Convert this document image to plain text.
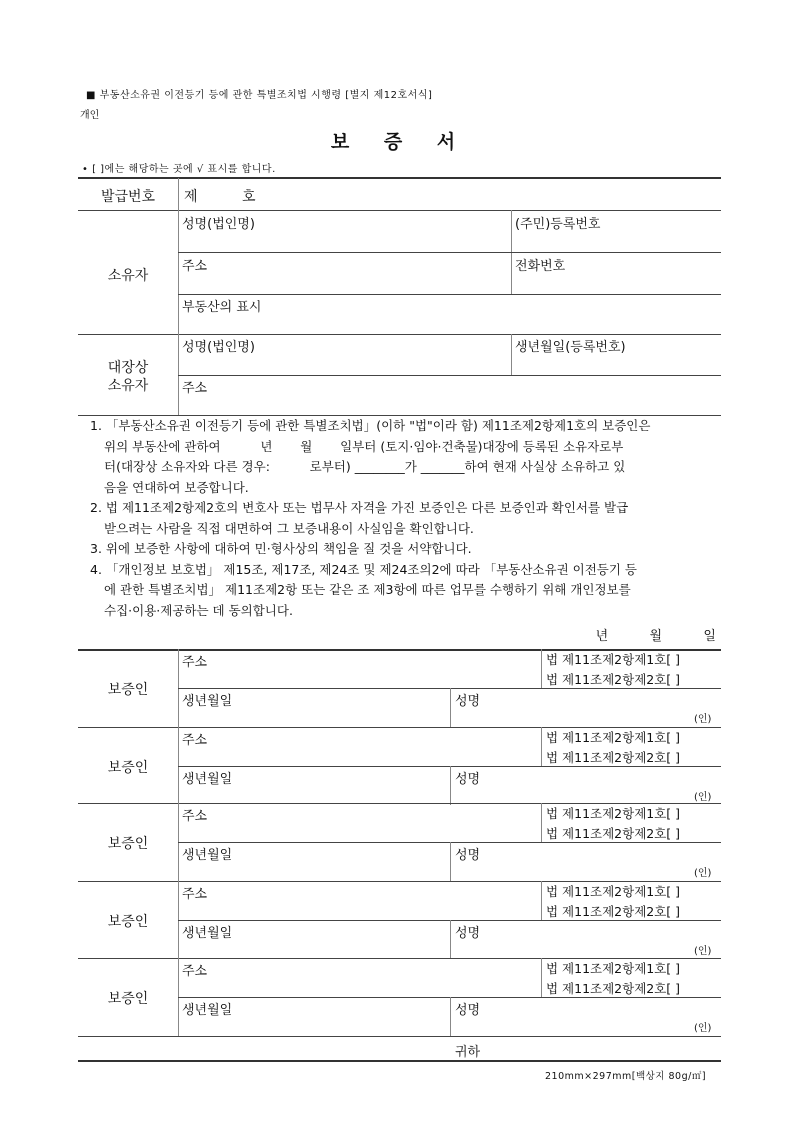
■ 부동산소유권 이전등기 등에 관한 특별조치법 시행령 [별지 제12호서식]
개인
보 증 서
• [ ]에는 해당하는 곳에 √ 표시를 합니다.
발급번호	제          호
소유자
성명(법인명)	(주민)등록번호
주소	전화번호
부동산의 표시
대장상
소유자
성명(법인명)	생년월일(등록번호)
주소
1. 「부동산소유권 이전등기 등에 관한 특별조치법」(이하 "법"이라 함) 제11조제2항제1호의 보증인은
위의 부동산에 관하여          년       월       일부터 (토지·임야·건축물)대장에 등록된 소유자로부
터(대장상 소유자와 다른 경우:          로부터) ________가 _______하여 현재 사실상 소유하고 있
음을 연대하여 보증합니다.
2. 법 제11조제2항제2호의 변호사 또는 법무사 자격을 가진 보증인은 다른 보증인과 확인서를 발급
받으려는 사람을 직접 대면하여 그 보증내용이 사실임을 확인합니다.
3. 위에 보증한 사항에 대하여 민·형사상의 책임을 질 것을 서약합니다.
4. 「개인정보 보호법」 제15조, 제17조, 제24조 및 제24조의2에 따라 「부동산소유권 이전등기 등
에 관한 특별조치법」 제11조제2항 또는 같은 조 제3항에 따른 업무를 수행하기 위해 개인정보를
수집·이용·제공하는 데 동의합니다.
년          월          일
보증인
주소	법 제11조제2항제1호[ ]
법 제11조제2항제2호[ ]
생년월일	성명
(인)
보증인
주소	법 제11조제2항제1호[ ]
법 제11조제2항제2호[ ]
생년월일	성명
(인)
보증인
주소	법 제11조제2항제1호[ ]
법 제11조제2항제2호[ ]
생년월일	성명
(인)
보증인
주소	법 제11조제2항제1호[ ]
법 제11조제2항제2호[ ]
생년월일	성명
(인)
보증인
주소	법 제11조제2항제1호[ ]
법 제11조제2항제2호[ ]
생년월일	성명
(인)
귀하
210mm×297mm[백상지 80g/㎡]
